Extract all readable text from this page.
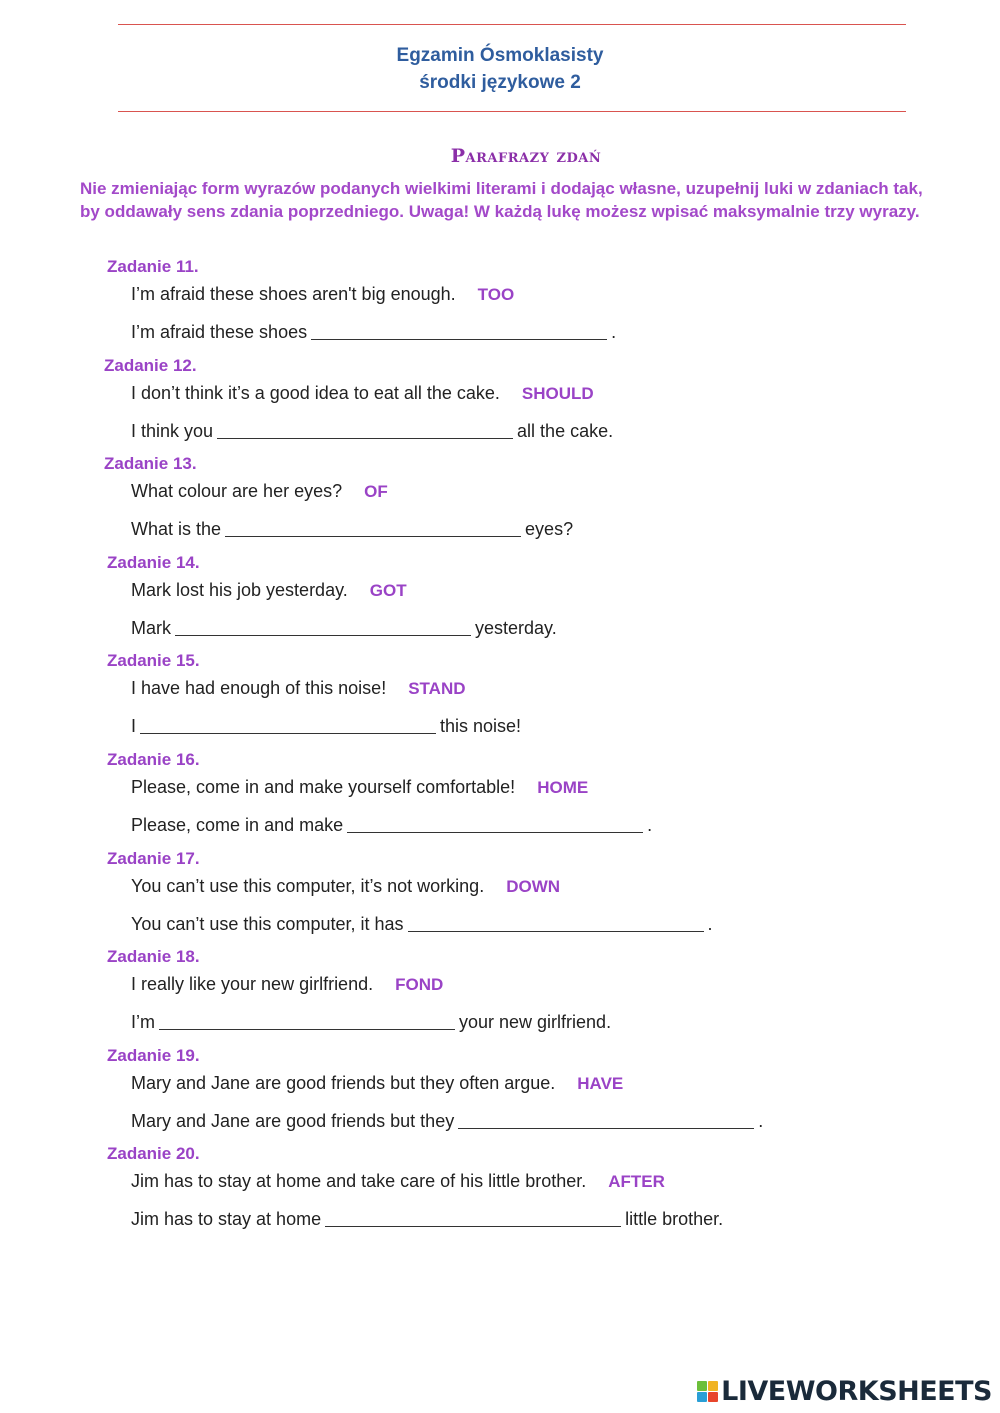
Egzamin Ósmoklasisty
środki językowe 2
Parafrazy zdań
Nie zmieniając form wyrazów podanych wielkimi literami i dodając własne, uzupełnij luki w zdaniach tak, by oddawały sens zdania poprzedniego. Uwaga! W każdą lukę możesz wpisać maksymalnie trzy wyrazy.
Zadanie 11.
I’m afraid these shoes aren't big enough. TOO
I’m afraid these shoes	.
Zadanie 12.
I don’t think it’s a good idea to eat all the cake. SHOULD
I think you	all the cake.
Zadanie 13.
What colour are her eyes? OF
What is the	eyes?
Zadanie 14.
Mark lost his job yesterday. GOT
Mark	yesterday.
Zadanie 15.
I have had enough of this noise! STAND
I	this noise!
Zadanie 16.
Please, come in and make yourself comfortable! HOME
Please, come in and make	.
Zadanie 17.
You can’t use this computer, it’s not working. DOWN
You can’t use this computer, it has	.
Zadanie 18.
I really like your new girlfriend. FOND
I’m	your new girlfriend.
Zadanie 19.
Mary and Jane are good friends but they often argue. HAVE
Mary and Jane are good friends but they	.
Zadanie 20.
Jim has to stay at home and take care of his little brother. AFTER
Jim has to stay at home	little brother.
LIVEWORKSHEETS
